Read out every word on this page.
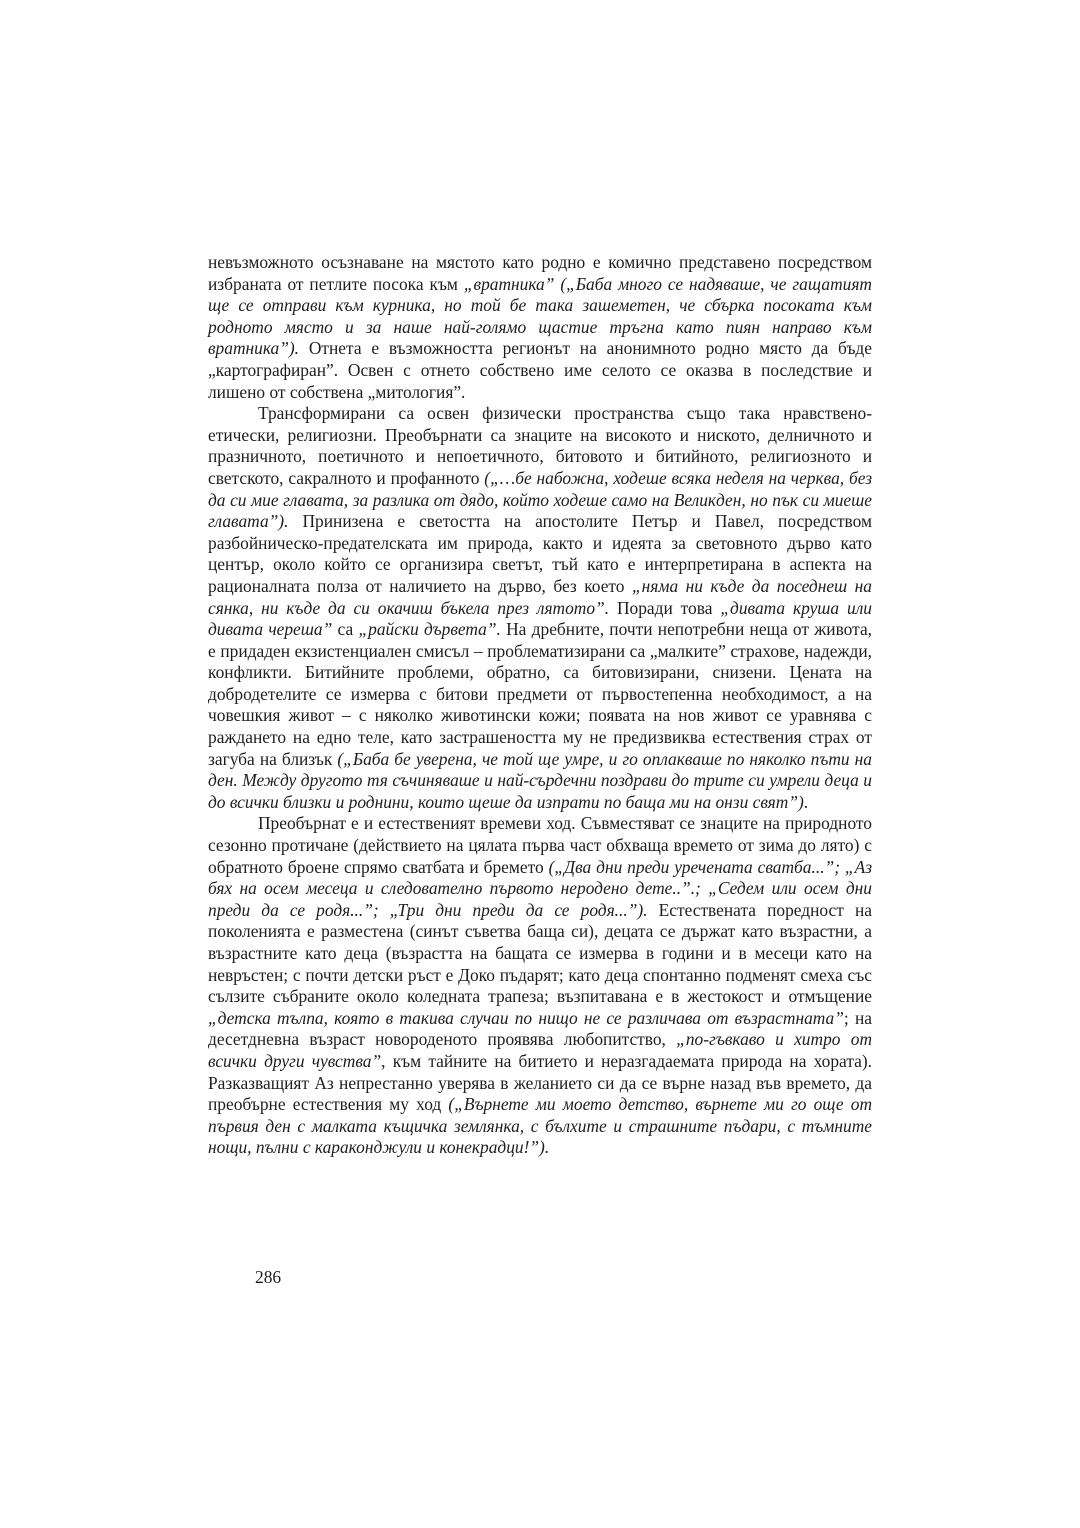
невъзможното осъзнаване на мястото като родно е комично представено посредством избраната от петлите посока към „вратника” („Баба много се надяваше, че гащатият ще се отправи към курника, но той бе така зашеметен, че сбърка посоката към родното място и за наше най-голямо щастие тръгна като пиян направо към вратника”). Отнета е възможността регионът на анонимното родно място да бъде „картографиран”. Освен с отнето собствено име селото се оказва в последствие и лишено от собствена „митология”.

Трансформирани са освен физически пространства също така нравствено-етически, религиозни. Преобърнати са знаците на високото и ниското, делничното и празничното, поетичното и непоетичното, битовото и битийното, религиозното и светското, сакралното и профанното („…бе набожна, ходеше всяка неделя на черква, без да си мие главата, за разлика от дядо, който ходеше само на Великден, но пък си миеше главата”). Принизена е светостта на апостолите Петър и Павел, посредством разбойническо-предателската им природа, както и идеята за световното дърво като център, около който се организира светът, тъй като е интерпретирана в аспекта на рационалната полза от наличието на дърво, без което „няма ни къде да поседнеш на сянка, ни къде да си окачиш бъкела през лятото”. Поради това „дивата круша или дивата череша” са „райски дървета”. На дребните, почти непотребни неща от живота, е придаден екзистенциален смисъл – проблематизирани са „малките” страхове, надежди, конфликти. Битийните проблеми, обратно, са битовизирани, снизени. Цената на добродетелите се измерва с битови предмети от първостепенна необходимост, а на човешкия живот – с няколко животински кожи; появата на нов живот се уравнява с раждането на едно теле, като застрашеността му не предизвиква естествения страх от загуба на близък („Баба бе уверена, че той ще умре, и го оплакваше по няколко пъти на ден. Между другото тя съчиняваше и най-сърдечни поздрави до трите си умрели деца и до всички близки и роднини, които щеше да изпрати по баща ми на онзи свят”).

Преобърнат е и естественият времеви ход. Съвместяват се знаците на природното сезонно протичане (действието на цялата първа част обхваща времето от зима до лято) с обратното броене спрямо сватбата и бремето („Два дни преди уречената сватба...”; „Аз бях на осем месеца и следователно първото нероденo дете..”.; „Седем или осем дни преди да се родя...”; „Три дни преди да се родя...”). Естествената поредност на поколенията е разместена (синът съветва баща си), децата се държат като възрастни, а възрастните като деца (възрастта на бащата се измерва в години и в месеци като на невръстен; с почти детски ръст е Доко пъдарят; като деца спонтанно подменят смеха със сълзите събраните около коледната трапеза; възпитавана е в жестокост и отмъщение „детска тълпа, която в такива случаи по нищо не се различава от възрастната”; на десетдневна възраст новороденото проявява любопитство, „по-гъвкаво и хитро от всички други чувства”, към тайните на битието и неразгадаемата природа на хората). Разказващият Аз непрестанно уверява в желанието си да се върне назад във времето, да преобърне естествения му ход („Върнете ми моето детство, върнете ми го още от първия ден с малката къщичка землянка, с бълхите и страшните пъдари, с тъмните нощи, пълни с караконджули и конекрадци!”).

286
